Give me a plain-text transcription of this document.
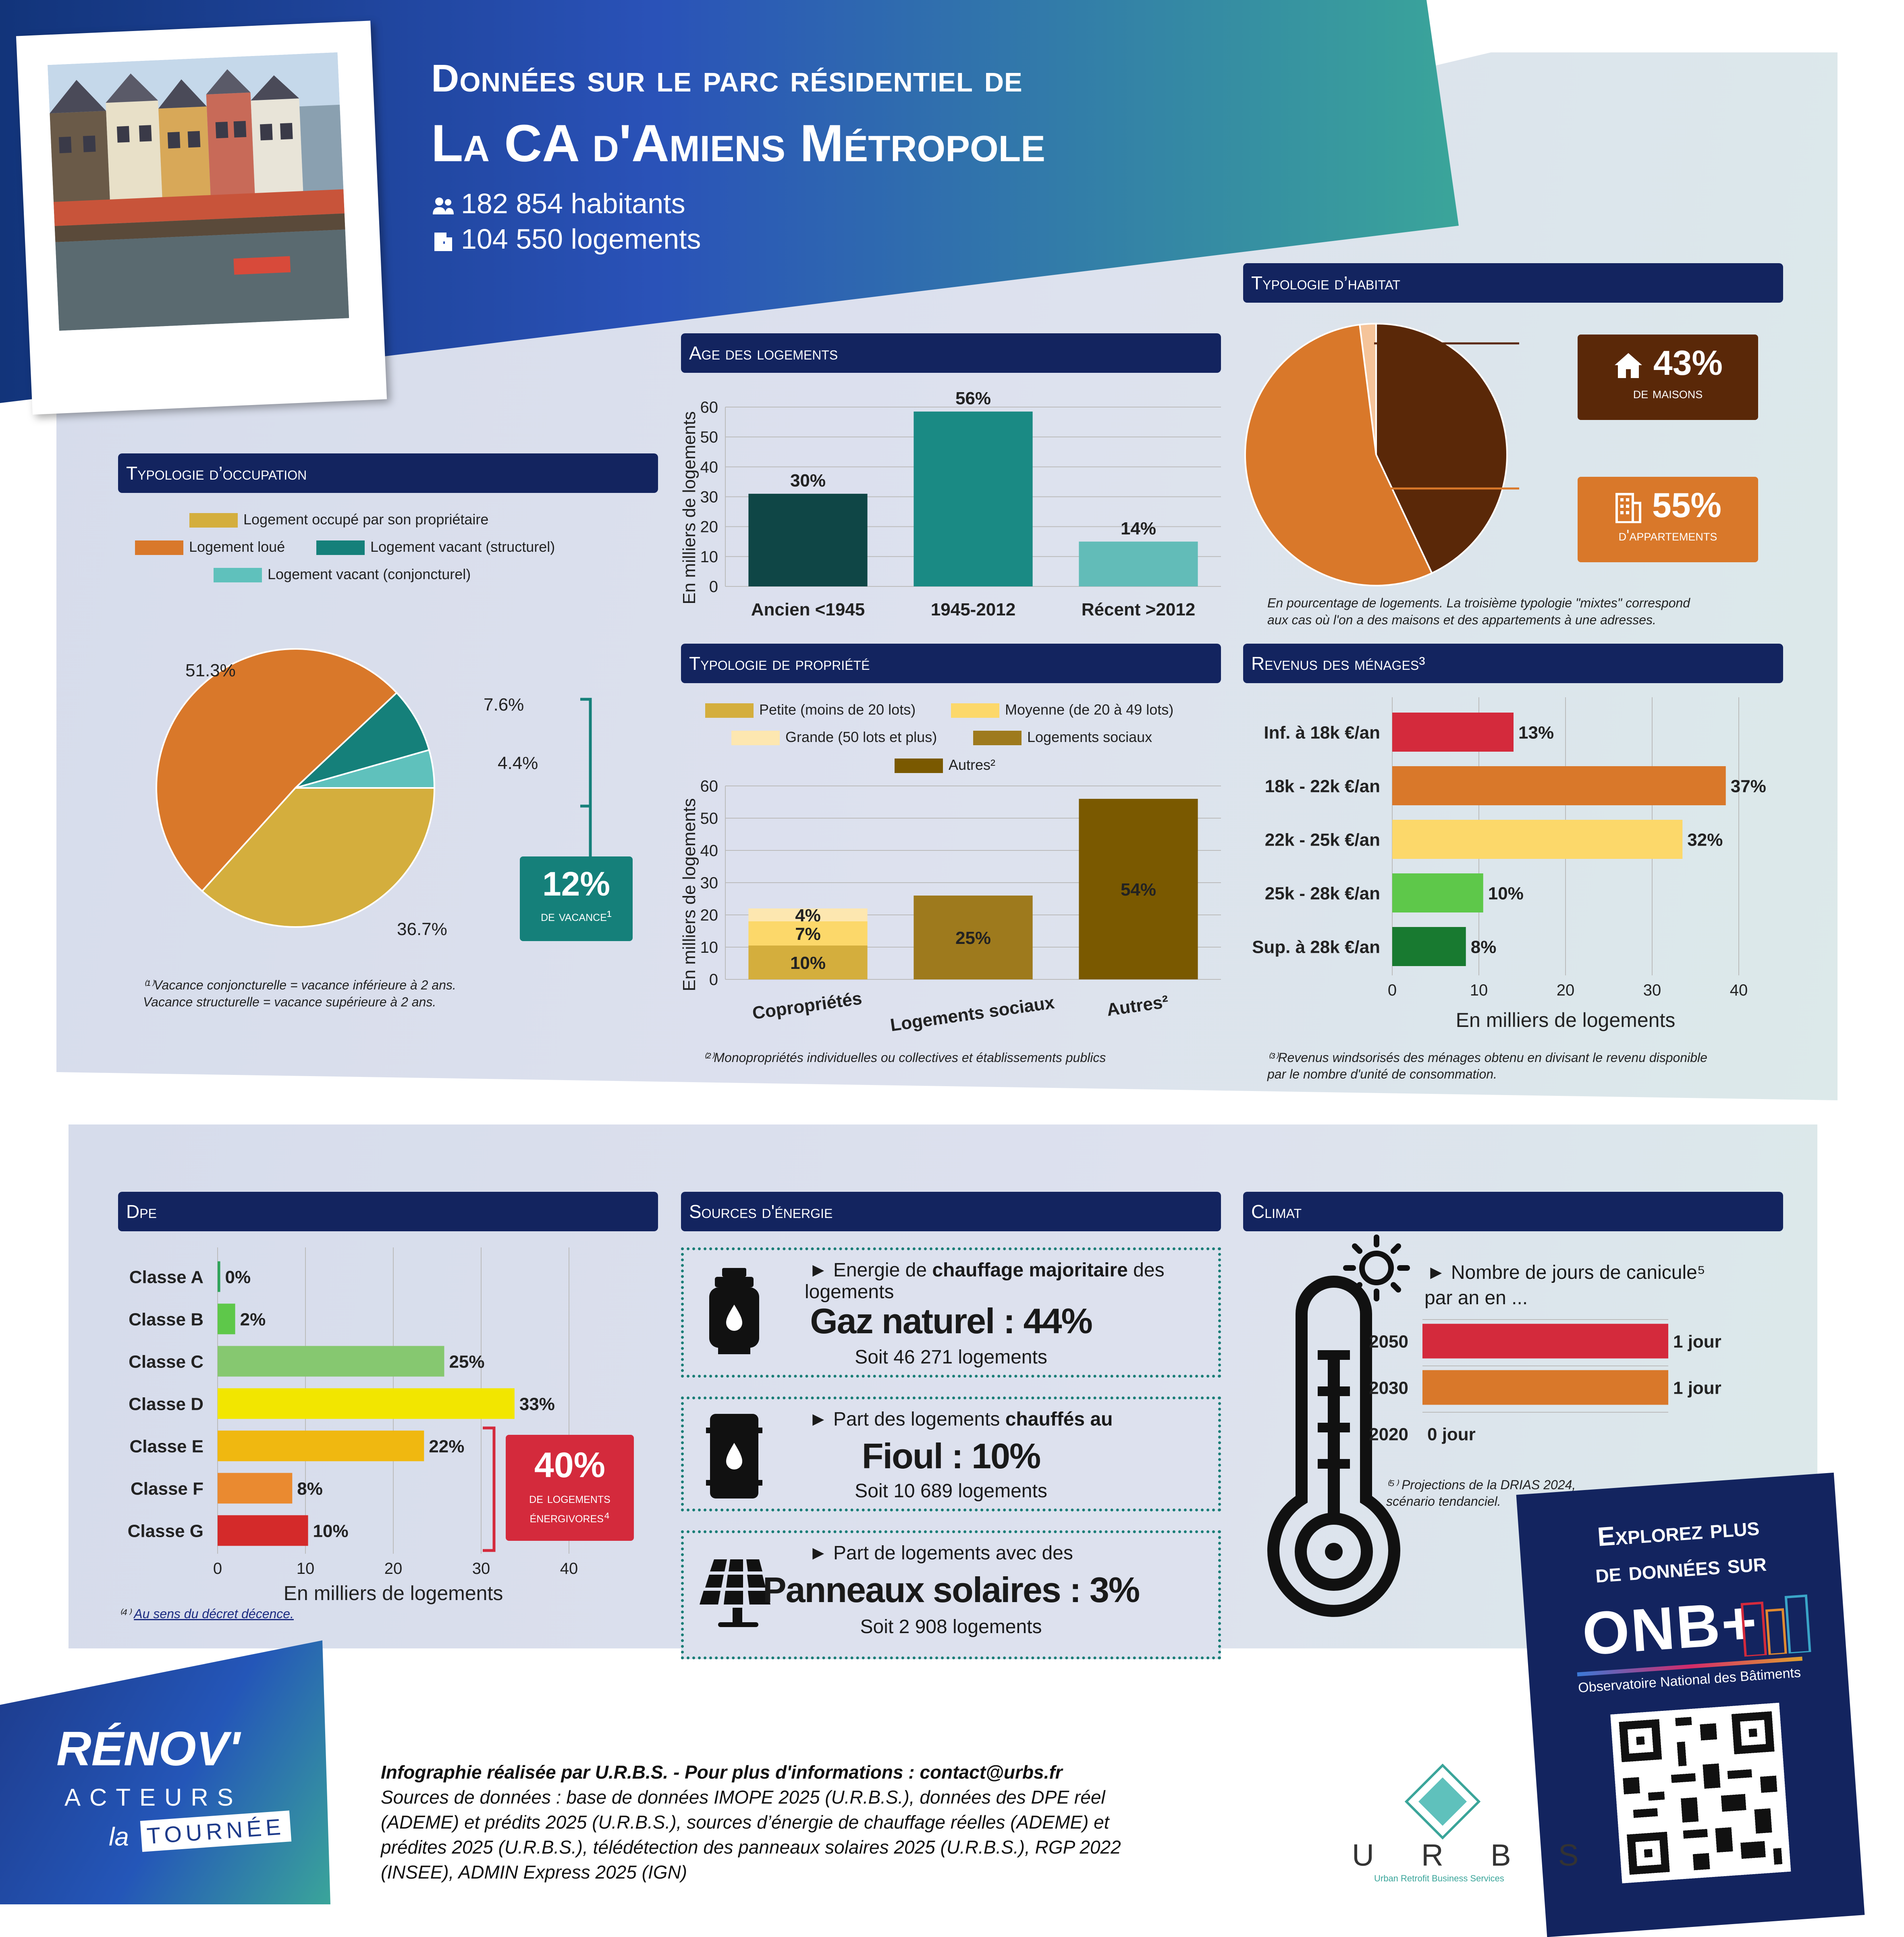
Données sur le parc résidentiel de
La CA d'Amiens Métropole
182 854 habitants
104 550 logements
Typologie d’occupation
Logement occupé par son propriétaire
Logement loué	Logement vacant (structurel)
Logement vacant (conjoncturel)
51.3%
7.6%
4.4%
36.7%
12%
de vacance¹
⁽¹⁾Vacance conjoncturelle = vacance inférieure à 2 ans.
Vacance structurelle = vacance supérieure à 2 ans.
Age des logements
En milliers de logements 0
10
20
30
40
50
60
30%
Ancien <1945
56%
1945-2012
14%
Récent >2012
Typologie d’habitat
43%
de maisons
55%
d'appartements
En pourcentage de logements. La troisième typologie "mixtes" correspond
aux cas où l'on a des maisons et des appartements à une adresses.
Typologie de propriété
Petite (moins de 20 lots)	Moyenne (de 20 à 49 lots)
Grande (50 lots et plus)	Logements sociaux
Autres²
En milliers de logements 0
10
20
30
40
50
60
10%
7%
4%
Copropriétés
25%
Logements sociaux
54%
Autres²
⁽²⁾Monopropriétés individuelles ou collectives et établissements publics
Revenus des ménages³
0	10	20	30	40
Inf. à 18k €/an	13%
18k - 22k €/an	37%
22k - 25k €/an	32%
25k - 28k €/an	10%
Sup. à 28k €/an	8%
En milliers de logements
⁽³⁾Revenus windsorisés des ménages obtenu en divisant le revenu disponible
par le nombre d'unité de consommation.
Dpe
0	10	20	30	40
Classe A 0%
Classe B 2%
Classe C	25%
Classe D	33%
Classe E	22%
Classe F	8%
Classe G	10%
En milliers de logements
40%
de logements
énergivores⁴
⁽⁴⁾ Au sens du décret décence.
Sources d'énergie
► Energie de chauffage majoritaire des
logements
Gaz naturel : 44%
Soit 46 271 logements
► Part des logements chauffés au
Fioul : 10%
Soit 10 689 logements
► Part de logements avec des
Panneaux solaires : 3%
Soit 2 908 logements
Climat
► Nombre de jours de canicule⁵
par an en ...
2050	1 jour
2030	1 jour
2020 0 jour
⁽⁵⁾ Projections de la DRIAS 2024,
scénario tendanciel.
Explorez plus
de données sur
ONB+
Observatoire National des Bâtiments
RÉNOV'
ACTEURS
la TOURNÉE
Infographie réalisée par U.R.B.S. - Pour plus d'informations : contact@urbs.fr
Sources de données : base de données IMOPE 2025 (U.R.B.S.), données des DPE réel
(ADEME) et prédits 2025 (U.R.B.S.), sources d’énergie de chauffage réelles (ADEME) et
prédites 2025 (U.R.B.S.), télédétection des panneaux solaires 2025 (U.R.B.S.), RGP 2022
(INSEE), ADMIN Express 2025 (IGN)	U R B S
Urban Retrofit Business Services
